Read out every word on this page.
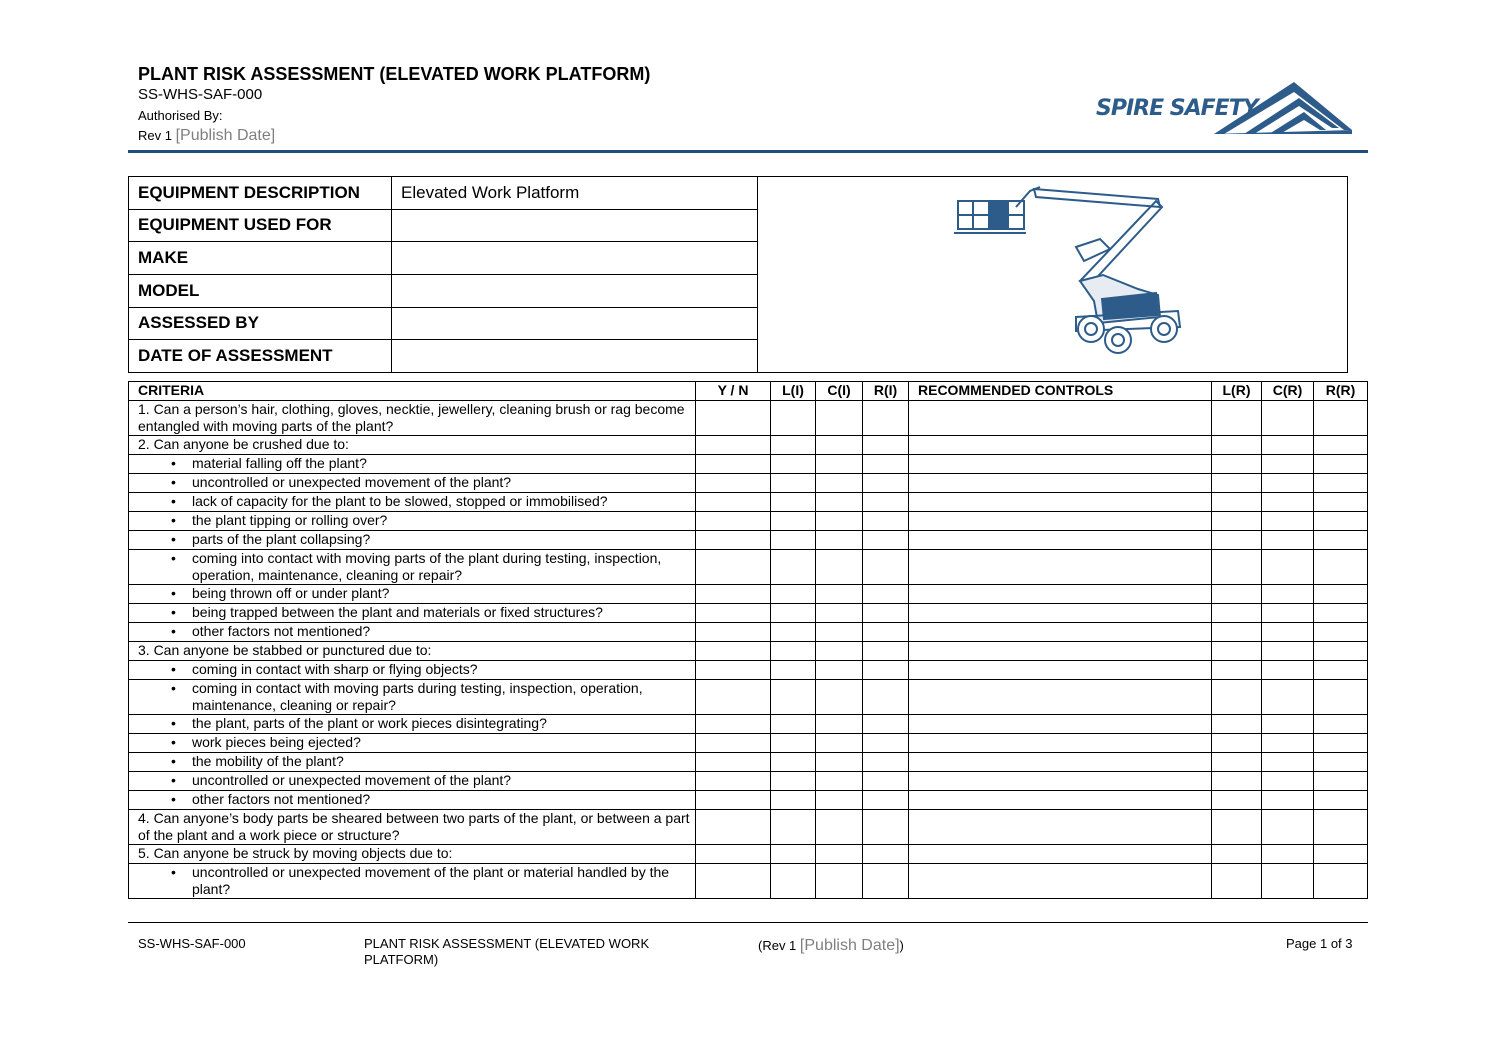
PLANT RISK ASSESSMENT (ELEVATED WORK PLATFORM)
SS-WHS-SAF-000
Authorised By:
Rev 1 [Publish Date]
SPIRE SAFETY
EQUIPMENT DESCRIPTION	Elevated Work Platform	
EQUIPMENT USED FOR		
MAKE		
MODEL		
ASSESSED BY		
DATE OF ASSESSMENT		
CRITERIA	Y / N	L(I)	C(I)	R(I)	RECOMMENDED CONTROLS	L(R)	C(R)	R(R)
1. Can a person’s hair, clothing, gloves, necktie, jewellery, cleaning brush or rag become entangled with moving parts of the plant?								
2. Can anyone be crushed due to:								
• material falling off the plant?								
• uncontrolled or unexpected movement of the plant?								
• lack of capacity for the plant to be slowed, stopped or immobilised?								
• the plant tipping or rolling over?								
• parts of the plant collapsing?								
• coming into contact with moving parts of the plant during testing, inspection, operation, maintenance, cleaning or repair?								
• being thrown off or under plant?								
• being trapped between the plant and materials or fixed structures?								
• other factors not mentioned?								
3. Can anyone be stabbed or punctured due to:								
• coming in contact with sharp or flying objects?								
• coming in contact with moving parts during testing, inspection, operation, maintenance, cleaning or repair?								
• the plant, parts of the plant or work pieces disintegrating?								
• work pieces being ejected?								
• the mobility of the plant?								
• uncontrolled or unexpected movement of the plant?								
• other factors not mentioned?								
4. Can anyone’s body parts be sheared between two parts of the plant, or between a part of the plant and a work piece or structure?								
5. Can anyone be struck by moving objects due to:								
• uncontrolled or unexpected movement of the plant or material handled by the plant?								
SS-WHS-SAF-000	PLANT RISK ASSESSMENT (ELEVATED WORK PLATFORM)
(Rev 1 [Publish Date])	Page 1 of 3
